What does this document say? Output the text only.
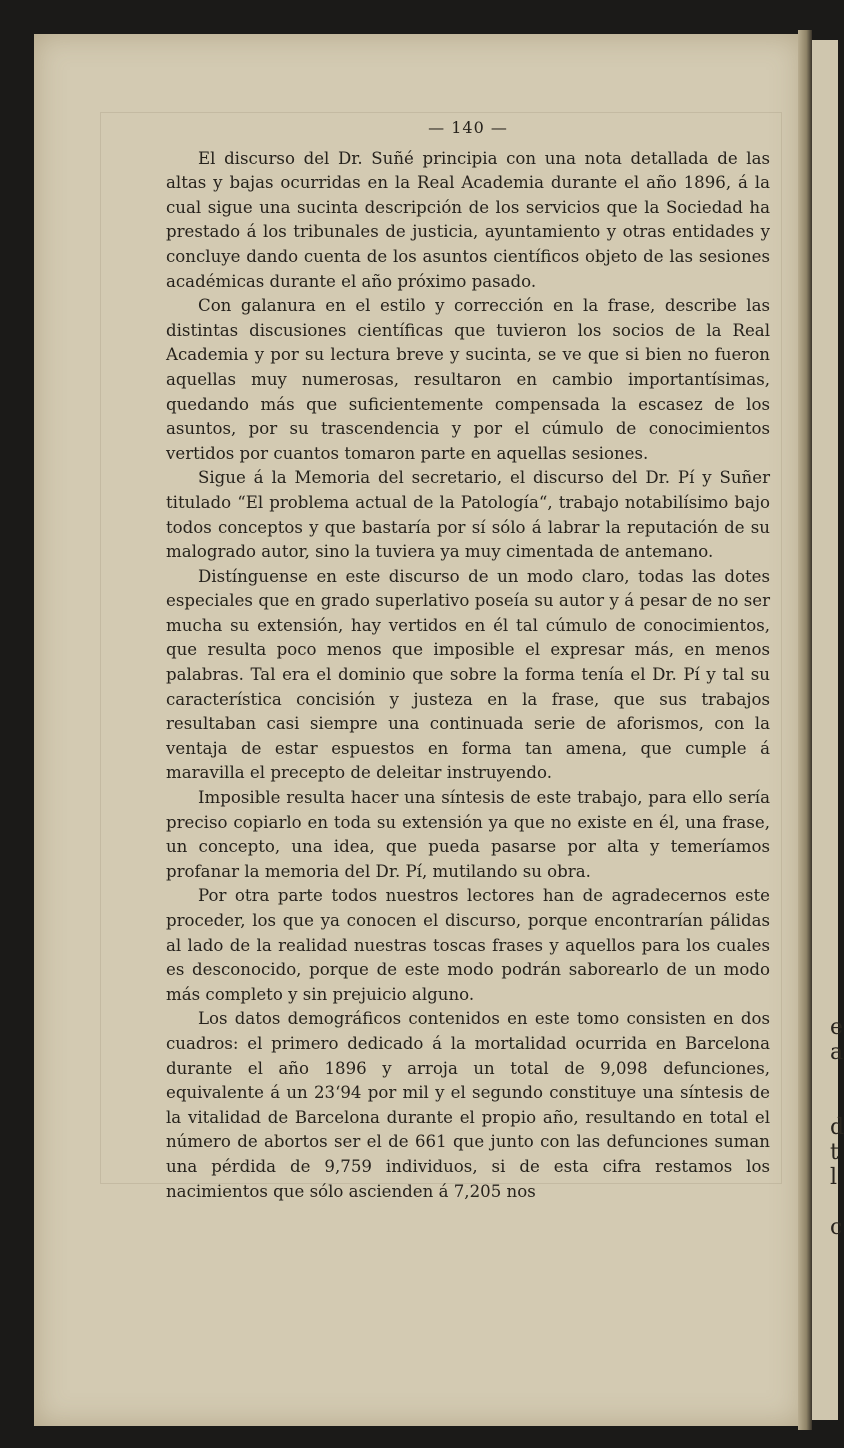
e
a
d
t
l
c
— 140 —

El discurso del Dr. Suñé principia con una nota detallada de las altas y bajas ocurridas en la Real Academia durante el año 1896, á la cual sigue una sucinta descripción de los servicios que la Sociedad ha prestado á los tribunales de justicia, ayuntamiento y otras entidades y concluye dando cuenta de los asuntos científicos objeto de las sesiones académicas durante el año próximo pasado.

Con galanura en el estilo y corrección en la frase, describe las distintas discusiones científicas que tuvieron los socios de la Real Academia y por su lectura breve y sucinta, se ve que si bien no fueron aquellas muy numerosas, resultaron en cambio importantísimas, quedando más que suficientemente compensada la escasez de los asuntos, por su trascendencia y por el cúmulo de conocimientos vertidos por cuantos tomaron parte en aquellas sesiones.

Sigue á la Memoria del secretario, el discurso del Dr. Pí y Suñer titulado “El problema actual de la Patología“, trabajo notabilísimo bajo todos conceptos y que bastaría por sí sólo á labrar la reputación de su malogrado autor, sino la tuviera ya muy cimentada de antemano.

Distínguense en este discurso de un modo claro, todas las dotes especiales que en grado superlativo poseía su autor y á pesar de no ser mucha su extensión, hay vertidos en él tal cúmulo de conocimientos, que resulta poco menos que imposible el expresar más, en menos palabras. Tal era el dominio que sobre la forma tenía el Dr. Pí y tal su característica concisión y justeza en la frase, que sus trabajos resultaban casi siempre una continuada serie de aforismos, con la ventaja de estar espuestos en forma tan amena, que cumple á maravilla el precepto de deleitar instruyendo.

Imposible resulta hacer una síntesis de este trabajo, para ello sería preciso copiarlo en toda su extensión ya que no existe en él, una frase, un concepto, una idea, que pueda pasarse por alta y temeríamos profanar la memoria del Dr. Pí, mutilando su obra.

Por otra parte todos nuestros lectores han de agradecernos este proceder, los que ya conocen el discurso, porque encontrarían pálidas al lado de la realidad nuestras toscas frases y aquellos para los cuales es desconocido, porque de este modo podrán saborearlo de un modo más completo y sin prejuicio alguno.

Los datos demográficos contenidos en este tomo consisten en dos cuadros: el primero dedicado á la mortalidad ocurrida en Barcelona durante el año 1896 y arroja un total de 9,098 defunciones, equivalente á un 23‘94 por mil y el segundo constituye una síntesis de la vitalidad de Barcelona durante el propio año, resultando en total el número de abortos ser el de 661 que junto con las defunciones suman una pérdida de 9,759 individuos, si de esta cifra restamos los nacimientos que sólo ascienden á 7,205 nos
